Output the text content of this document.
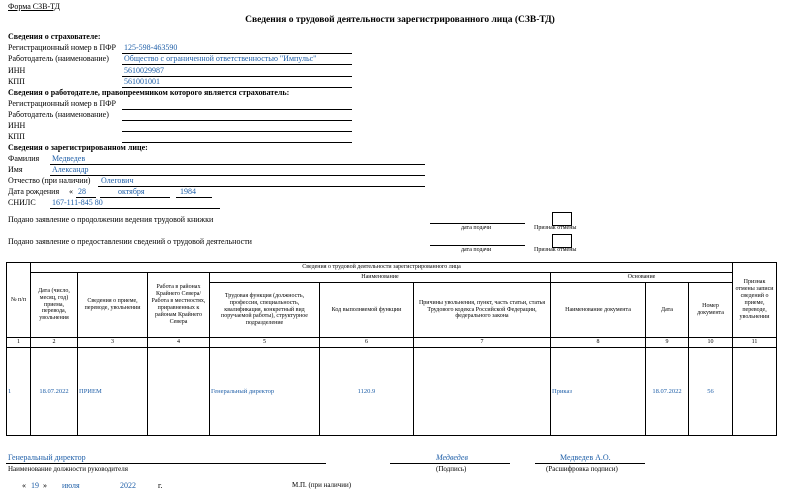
Форма СЗВ-ТД
Сведения о трудовой деятельности зарегистрированного лица (СЗВ-ТД)
Сведения о страхователе:
Регистрационный номер в ПФР 125-598-463590
Работодатель (наименование) Общество с ограниченной ответственностью "Импульс"
ИНН	5610029987
КПП	561001001
Сведения о работодателе, правопреемником которого является страхователь:
Регистрационный номер в ПФР
Работодатель (наименование)
ИНН
КПП
Сведения о зарегистрированном лице:
Фамилия Медведев
Имя	Александр
Отчество (при наличии) Олегович
Дата рождения « 28	октября	1984
СНИЛС 167-111-845 80
Подано заявление о продолжении ведения трудовой книжки
дата подачи	Признак отмены
Подано заявление о предоставлении сведений о трудовой деятельности
дата подачи	Признак отмены
№ п/п	Сведения о трудовой деятельности зарегистрированного лица									Признак отмены записи сведений о приеме, переводе, увольнении
	Дата (число, месяц, год) приема, перевода, увольнения	Сведения о приеме, переводе, увольнении	Работа в районах Крайнего Севера/Работа в местностях, приравненных к районам Крайнего Севера	Наименование			Основание			
				Трудовая функция (должность, профессия, специальность, квалификация, конкретный вид поручаемой работы), структурное подразделение	Код выполняемой функции	Причины увольнения, пункт, часть статьи, статья Трудового кодекса Российской Федерации, федерального закона	Наименование документа	Дата	Номер документа	
1	2	3	4	5	6	7	8	9	10	11
1	18.07.2022	ПРИЕМ		Генеральный директор	1120.9		Приказ	18.07.2022	56	
Генеральный директор
Наименование должности руководителя
Медведев
(Подпись)
Медведев А.О.
(Расшифровка подписи)
« 19 » июля	2022	г.	М.П. (при наличии)
